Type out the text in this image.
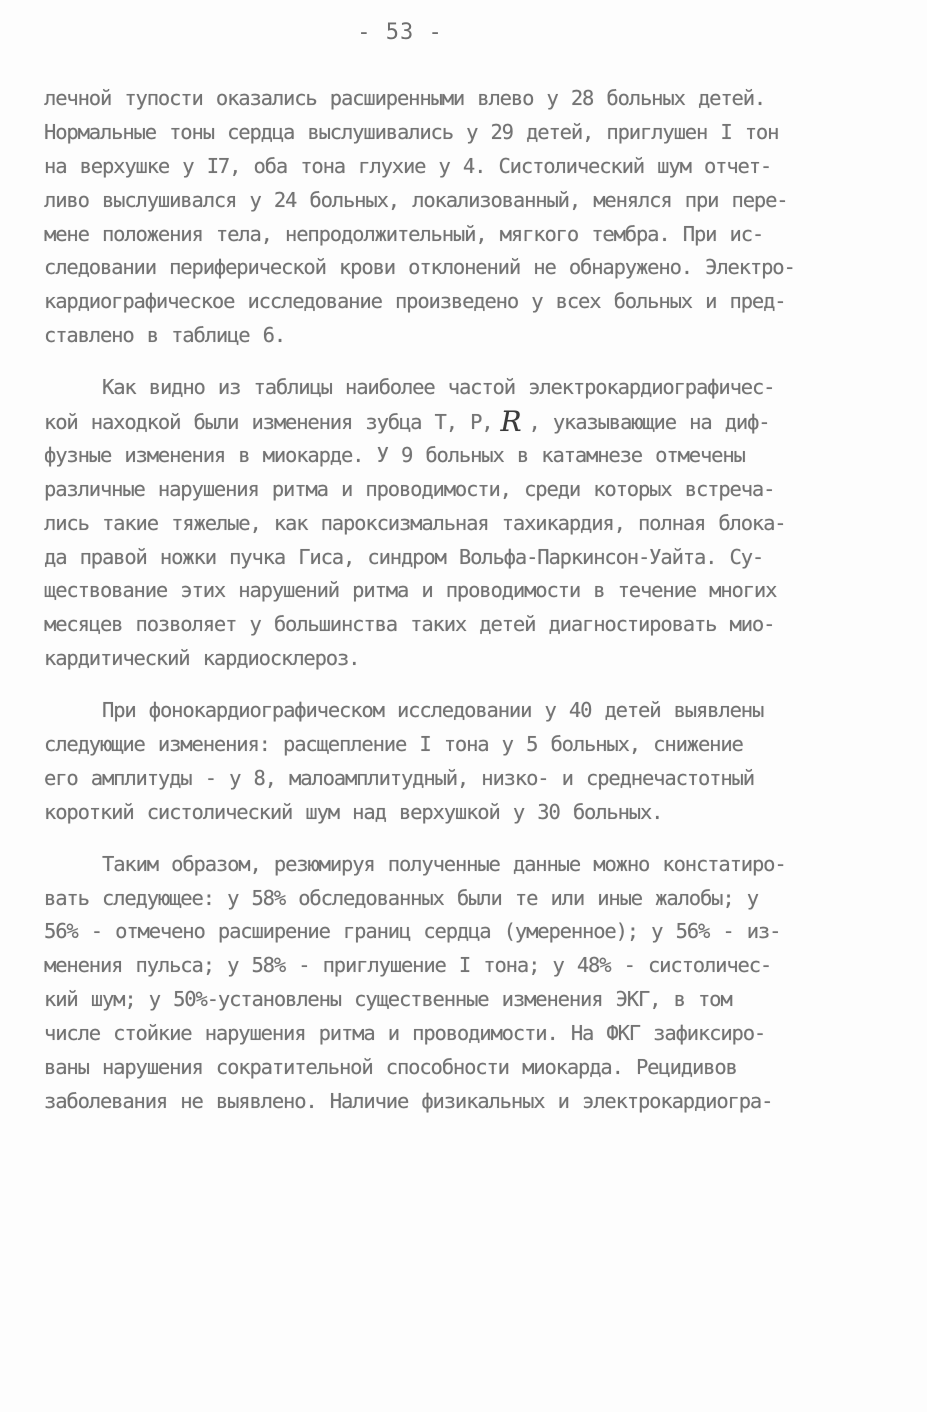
- 53 -
лечной тупости оказались расширенными влево у 28 больных детей.
Нормальные тоны сердца выслушивались у 29 детей, приглушен I тон
на верхушке у I7, оба тона глухие у 4. Систолический шум отчет-
ливо выслушивался у 24 больных, локализованный, менялся при пере-
мене положения тела, непродолжительный, мягкого тембра. При ис-
следовании периферической крови отклонений не обнаружено. Электро-
кардиографическое исследование произведено у всех больных и пред-
ставлено в таблице 6.
Как видно из таблицы наиболее частой электрокардиографичес-
кой находкой были изменения зубца Т, Р, R , указывающие на диф-
фузные изменения в миокарде. У 9 больных в катамнезе отмечены
различные нарушения ритма и проводимости, среди которых встреча-
лись такие тяжелые, как пароксизмальная тахикардия, полная блока-
да правой ножки пучка Гиса, синдром Вольфа-Паркинсон-Уайта. Су-
ществование этих нарушений ритма и проводимости в течение многих
месяцев позволяет у большинства таких детей диагностировать мио-
кардитический кардиосклероз.
При фонокардиографическом исследовании у 40 детей выявлены
следующие изменения: расщепление I тона у 5 больных, снижение
его амплитуды - у 8, малоамплитудный, низко- и среднечастотный
короткий систолический шум над верхушкой у 30 больных.
Таким образом, резюмируя полученные данные можно констатиро-
вать следующее: у 58% обследованных были те или иные жалобы; у
56% - отмечено расширение границ сердца (умеренное); у 56% - из-
менения пульса; у 58% - приглушение I тона; у 48% - систоличес-
кий шум; у 50%-установлены существенные изменения ЭКГ, в том
числе стойкие нарушения ритма и проводимости. На ФКГ зафиксиро-
ваны нарушения сократительной способности миокарда. Рецидивов
заболевания не выявлено. Наличие физикальных и электрокардиогра-
